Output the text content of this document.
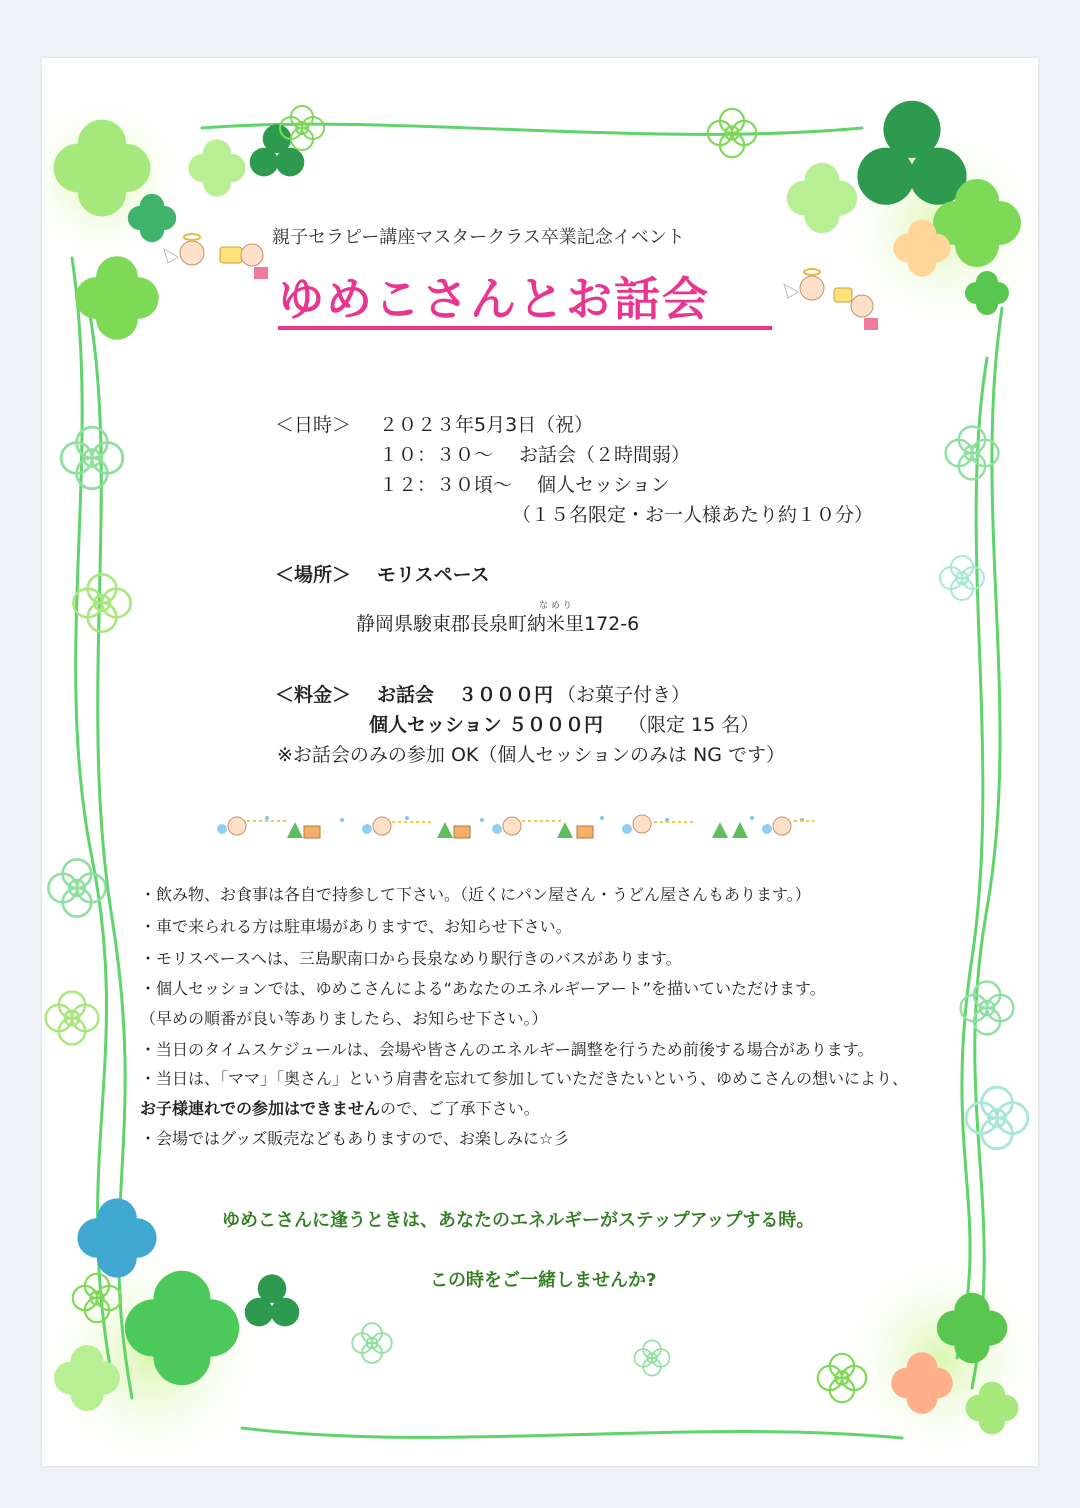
親子セラピー講座マスタークラス卒業記念イベント
ゆめこさんとお話会
＜日時＞ ２０２３年5月3日（祝）
１０：３０〜 お話会（２時間弱）
１２：３０頃〜 個人セッション
（１５名限定・お一人様あたり約１０分）
＜場所＞ モリスペース
な め り
静岡県駿東郡長泉町納米里172-6
＜料金＞ お話会 ３０００円 （お菓子付き）
個人セッション ５０００円 （限定 15 名）
※お話会のみの参加 OK（個人セッションのみは NG です）
・飲み物、お食事は各自で持参して下さい。（近くにパン屋さん・うどん屋さんもあります。）
・車で来られる方は駐車場がありますで、お知らせ下さい。
・モリスペースへは、三島駅南口から長泉なめり駅行きのバスがあります。
・個人セッションでは、ゆめこさんによる“あなたのエネルギーアート”を描いていただけます。
（早めの順番が良い等ありましたら、お知らせ下さい。）
・当日のタイムスケジュールは、会場や皆さんのエネルギー調整を行うため前後する場合があります。
・当日は、「ママ」「奥さん」という肩書を忘れて参加していただきたいという、ゆめこさんの想いにより、
お子様連れでの参加はできませんので、ご了承下さい。
・会場ではグッズ販売などもありますので、お楽しみに☆彡
ゆめこさんに逢うときは、あなたのエネルギーがステップアップする時。
この時をご一緒しませんか?
